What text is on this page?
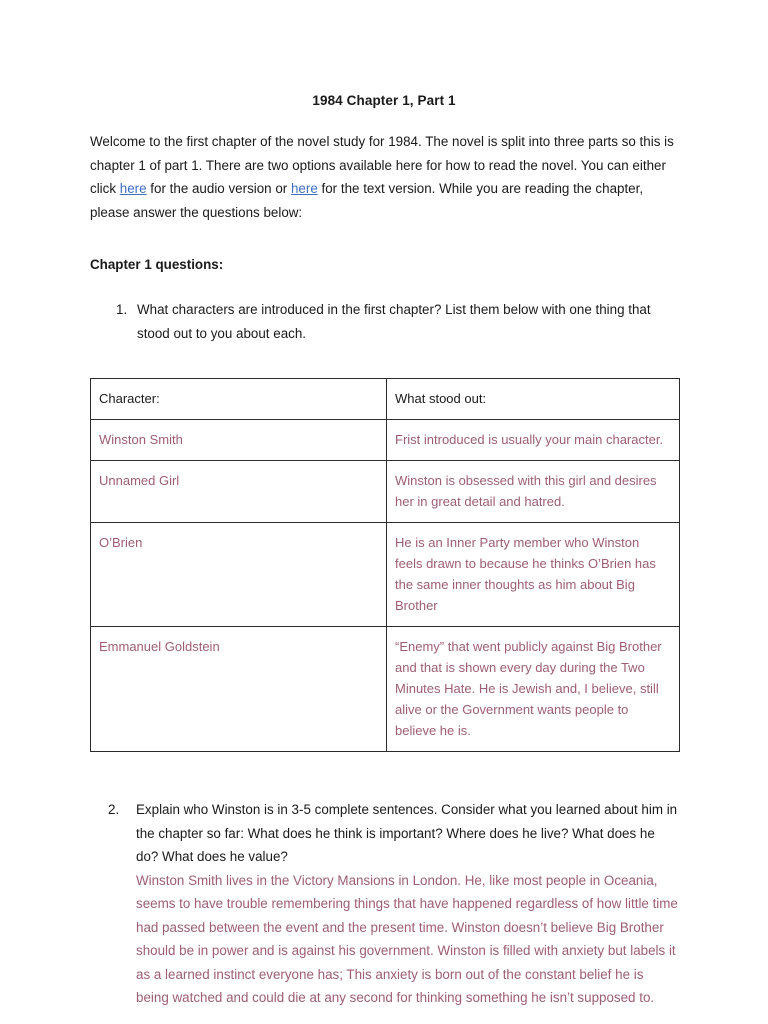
1984 Chapter 1, Part 1

Welcome to the first chapter of the novel study for 1984. The novel is split into three parts so this is chapter 1 of part 1. There are two options available here for how to read the novel. You can either click here for the audio version or here for the text version. While you are reading the chapter, please answer the questions below:

Chapter 1 questions:
1. What characters are introduced in the first chapter? List them below with one thing that stood out to you about each.
Character:	What stood out:
Winston Smith	Frist introduced is usually your main character.
Unnamed Girl	Winston is obsessed with this girl and desires her in great detail and hatred.
O’Brien	He is an Inner Party member who Winston feels drawn to because he thinks O’Brien has the same inner thoughts as him about Big Brother
Emmanuel Goldstein	“Enemy” that went publicly against Big Brother and that is shown every day during the Two Minutes Hate. He is Jewish and, I believe, still alive or the Government wants people to believe he is.
2.	Explain who Winston is in 3-5 complete sentences. Consider what you learned about him in the chapter so far: What does he think is important? Where does he live? What does he do? What does he value?
Winston Smith lives in the Victory Mansions in London. He, like most people in Oceania, seems to have trouble remembering things that have happened regardless of how little time had passed between the event and the present time. Winston doesn’t believe Big Brother should be in power and is against his government. Winston is filled with anxiety but labels it as a learned instinct everyone has; This anxiety is born out of the constant belief he is being watched and could die at any second for thinking something he isn’t supposed to.
